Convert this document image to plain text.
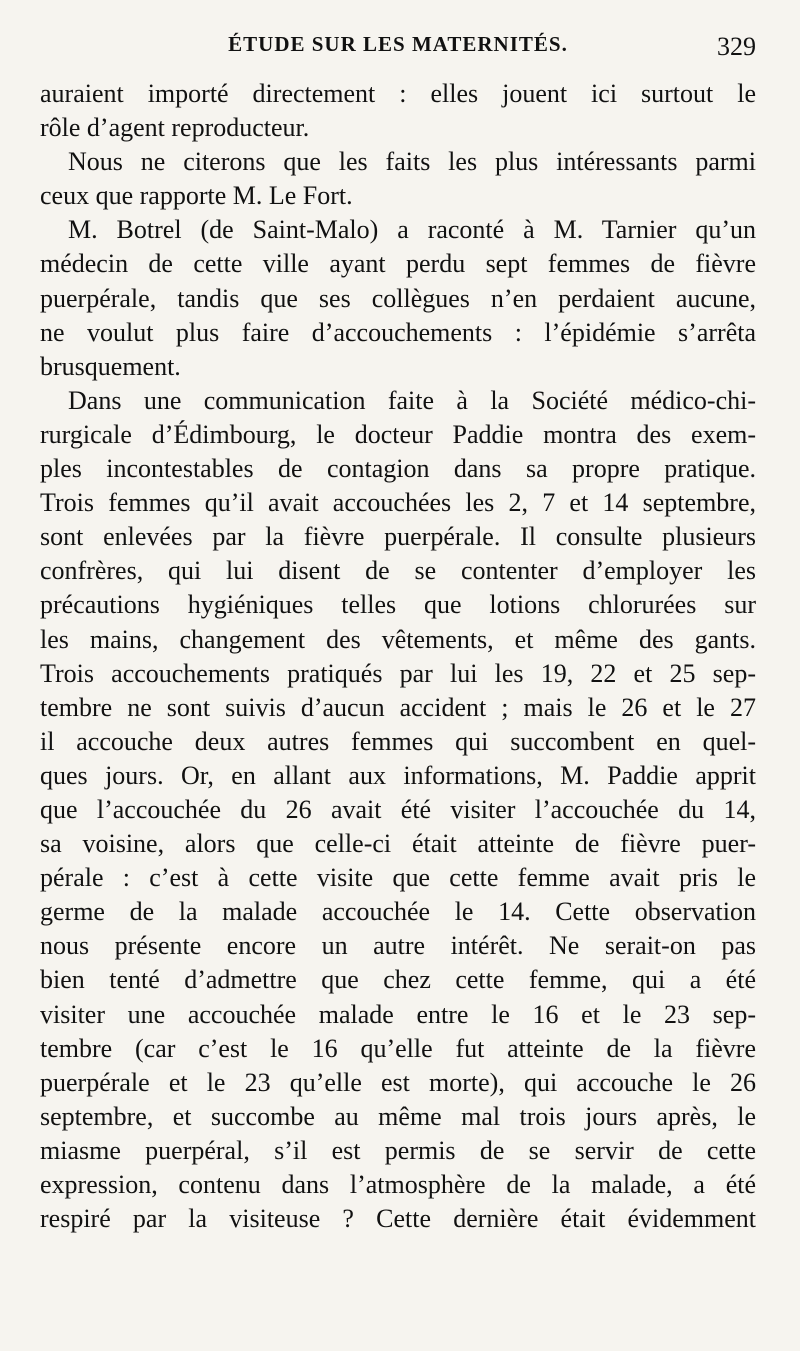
ÉTUDE SUR LES MATERNITÉS.	329
auraient importé directement : elles jouent ici surtout le
rôle d’agent reproducteur.
Nous ne citerons que les faits les plus intéressants parmi
ceux que rapporte M. Le Fort.
M. Botrel (de Saint-Malo) a raconté à M. Tarnier qu’un
médecin de cette ville ayant perdu sept femmes de fièvre
puerpérale, tandis que ses collègues n’en perdaient aucune,
ne voulut plus faire d’accouchements : l’épidémie s’arrêta
brusquement.
Dans une communication faite à la Société médico-chi-
rurgicale d’Édimbourg, le docteur Paddie montra des exem-
ples incontestables de contagion dans sa propre pratique.
Trois femmes qu’il avait accouchées les 2, 7 et 14 septembre,
sont enlevées par la fièvre puerpérale. Il consulte plusieurs
confrères, qui lui disent de se contenter d’employer les
précautions hygiéniques telles que lotions chlorurées sur
les mains, changement des vêtements, et même des gants.
Trois accouchements pratiqués par lui les 19, 22 et 25 sep-
tembre ne sont suivis d’aucun accident ; mais le 26 et le 27
il accouche deux autres femmes qui succombent en quel-
ques jours. Or, en allant aux informations, M. Paddie apprit
que l’accouchée du 26 avait été visiter l’accouchée du 14,
sa voisine, alors que celle-ci était atteinte de fièvre puer-
pérale : c’est à cette visite que cette femme avait pris le
germe de la malade accouchée le 14. Cette observation
nous présente encore un autre intérêt. Ne serait-on pas
bien tenté d’admettre que chez cette femme, qui a été
visiter une accouchée malade entre le 16 et le 23 sep-
tembre (car c’est le 16 qu’elle fut atteinte de la fièvre
puerpérale et le 23 qu’elle est morte), qui accouche le 26
septembre, et succombe au même mal trois jours après, le
miasme puerpéral, s’il est permis de se servir de cette
expression, contenu dans l’atmosphère de la malade, a été
respiré par la visiteuse ? Cette dernière était évidemment
